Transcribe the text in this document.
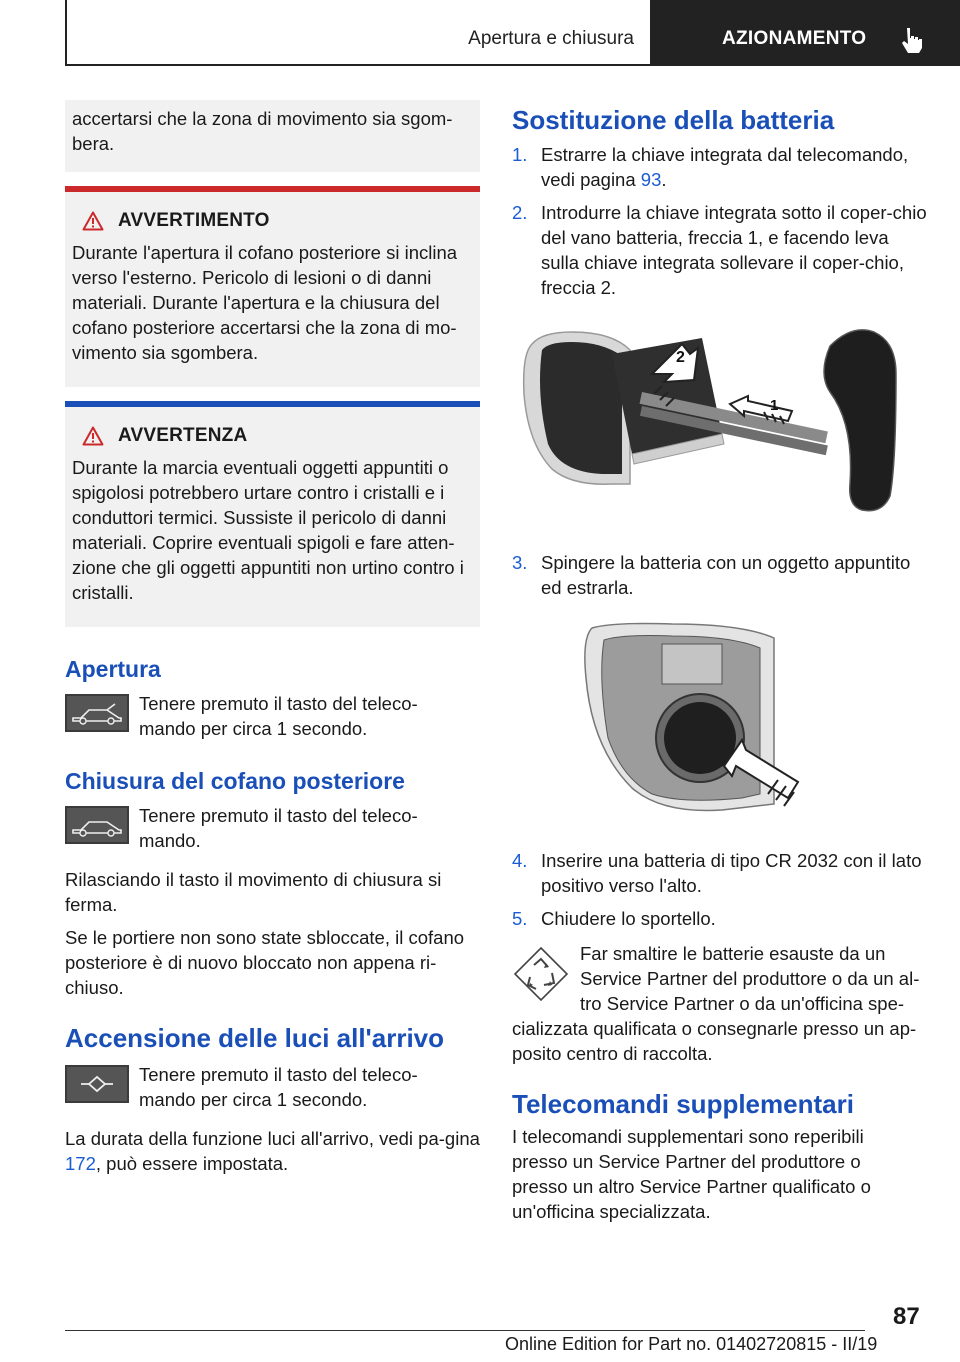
Apertura e chiusura	AZIONAMENTO

accertarsi che la zona di movimento sia sgom-bera.

AVVERTIMENTO

Durante l'apertura il cofano posteriore si inclina verso l'esterno. Pericolo di lesioni o di danni materiali. Durante l'apertura e la chiusura del cofano posteriore accertarsi che la zona di mo-vimento sia sgombera.

AVVERTENZA

Durante la marcia eventuali oggetti appuntiti o spigolosi potrebbero urtare contro i cristalli e i conduttori termici. Sussiste il pericolo di danni materiali. Coprire eventuali spigoli e fare atten-zione che gli oggetti appuntiti non urtino contro i cristalli.

Apertura

Tenere premuto il tasto del teleco-mando per circa 1 secondo.

Chiusura del cofano posteriore

Tenere premuto il tasto del teleco-mando.

Rilasciando il tasto il movimento di chiusura si ferma.

Se le portiere non sono state sbloccate, il cofano posteriore è di nuovo bloccato non appena ri-chiuso.

Accensione delle luci all'arrivo

Tenere premuto il tasto del teleco-mando per circa 1 secondo.

La durata della funzione luci all'arrivo, vedi pa-gina 172, può essere impostata.

Sostituzione della batteria
1. Estrarre la chiave integrata dal telecomando, vedi pagina 93.

2. Introdurre la chiave integrata sotto il coper-chio del vano batteria, freccia 1, e facendo leva sulla chiave integrata sollevare il coper-chio, freccia 2.

2
1
3. Spingere la batteria con un oggetto appuntito ed estrarla.

4. Inserire una batteria di tipo CR 2032 con il lato positivo verso l'alto.

5. Chiudere lo sportello.

Far smaltire le batterie esauste da un Service Partner del produttore o da un al-tro Service Partner o da un'officina spe-cializzata qualificata o consegnarle presso un ap-posito centro di raccolta.

Telecomandi supplementari

I telecomandi supplementari sono reperibili presso un Service Partner del produttore o presso un altro Service Partner qualificato o un'officina specializzata.

87
Online Edition for Part no. 01402720815 - II/19
